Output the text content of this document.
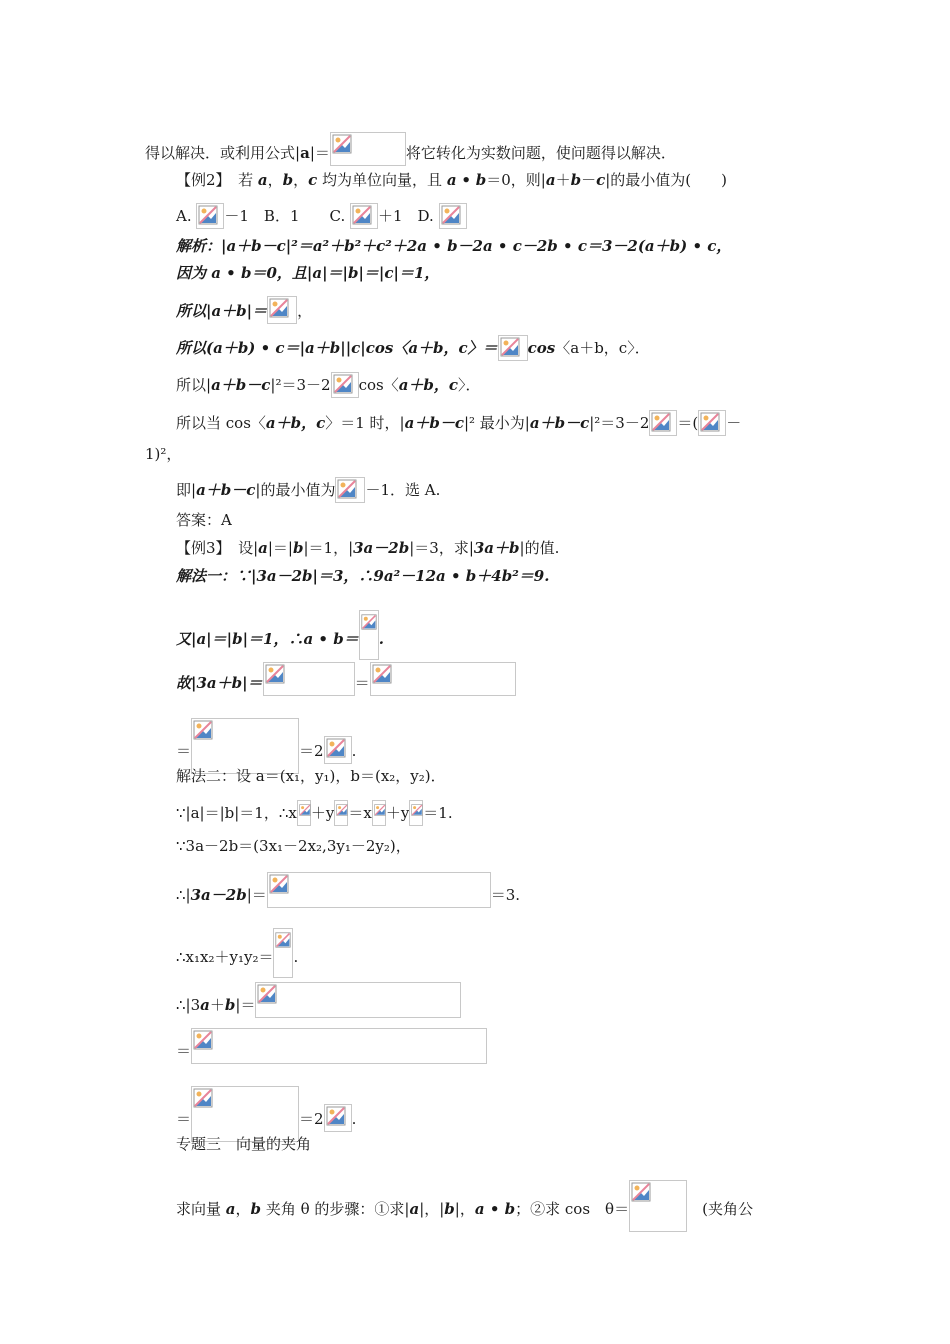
得以解决．或利用公式|a|＝	将它转化为实数问题，使问题得以解决．
【例2】　 若 a，b，c 均为单位向量，且 a • b＝0，则|a＋b－c|的最小值为(　　)
A. －1　B．1　　C. ＋1　D.
解析：|a＋b－c|²＝a²＋b²＋c²＋2a • b－2a • c－2b • c＝3－2(a＋b) • c，
因为 a • b＝0，且|a|＝|b|＝|c|＝1，
所以|a＋b|＝ ，
所以(a＋b) • c＝|a＋b||c|cos〈a＋b，c〉＝ cos〈a＋b，c〉．
所以|a＋b－c|²＝3－2 cos〈a＋b，c〉．
所以当 cos〈a＋b，c〉＝1 时，|a＋b－c|² 最小为|a＋b－c|²＝3－2 ＝( －
1)²，
即|a＋b－c|的最小值为 －1．选 A.
答案：A
【例3】　 设|a|＝|b|＝1，|3a－2b|＝3，求|3a＋b|的值.
解法一：∵|3a－2b|＝3，∴9a²－12a • b＋4b²＝9.
又|a|＝|b|＝1，∴a • b＝ .
故|3a＋b|＝	＝
＝	＝2 .
解法二：设 a＝(x₁，y₁)，b＝(x₂，y₂)．
∵|a|＝|b|＝1，∴x ＋y ＝x ＋y ＝1.
∵3a－2b＝(3x₁－2x₂,3y₁－2y₂)，
∴|3a－2b|＝	＝3.
∴x₁x₂＋y₁y₂＝ .
∴|3a＋b|＝
＝
＝	＝2 .
专题三　向量的夹角
求向量 a，b 夹角 θ 的步骤：①求|a|，|b|，a • b；②求 cos　θ＝
　	(夹角公
